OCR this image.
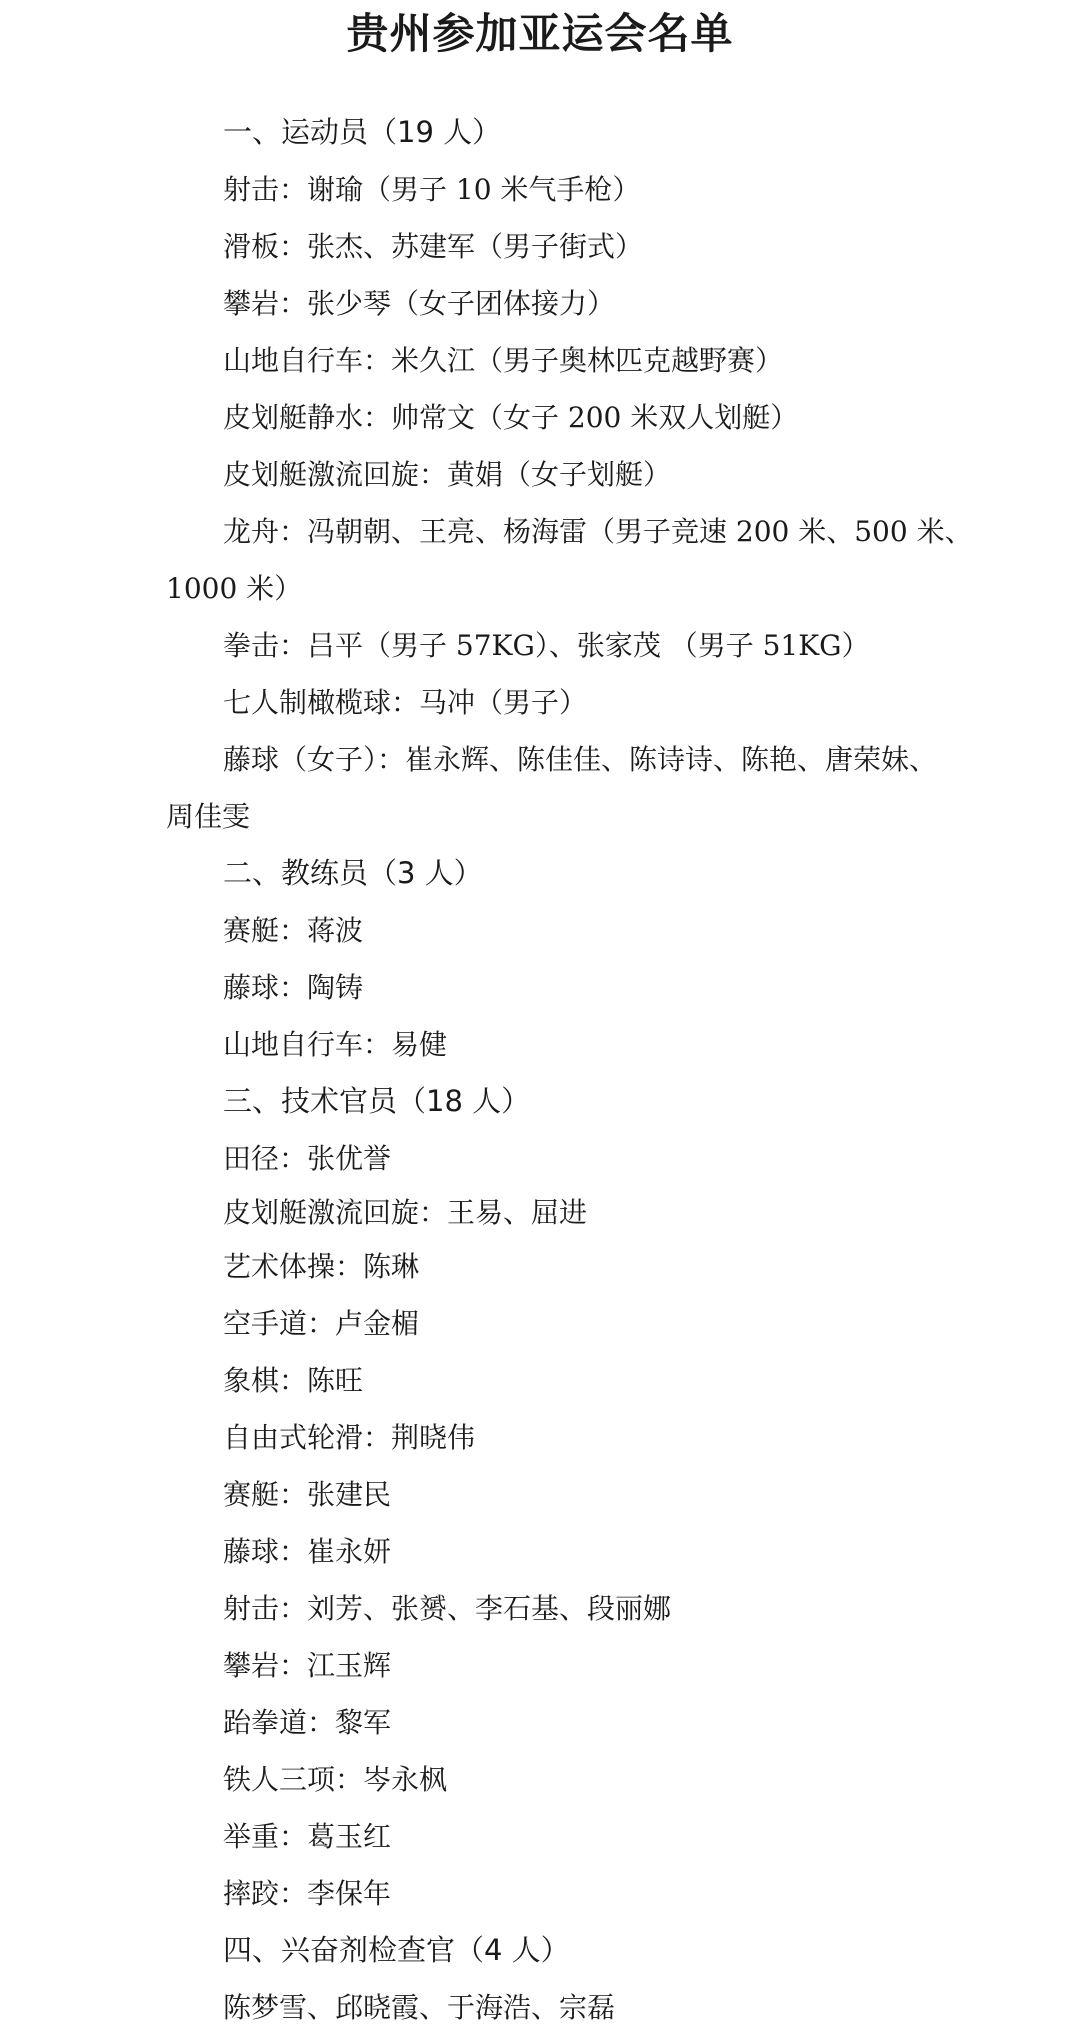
贵州参加亚运会名单
一、运动员（19 人）
射击：谢瑜（男子 10 米气手枪）
滑板：张杰、苏建军（男子街式）
攀岩：张少琴（女子团体接力）
山地自行车：米久江（男子奥林匹克越野赛）
皮划艇静水：帅常文（女子 200 米双人划艇）
皮划艇激流回旋：黄娟（女子划艇）
龙舟：冯朝朝、王亮、杨海雷（男子竞速 200 米、500 米、
1000 米）
拳击：吕平（男子 57KG）、张家茂 （男子 51KG）
七人制橄榄球：马冲（男子）
藤球（女子）：崔永辉、陈佳佳、陈诗诗、陈艳、唐荣妹、
周佳雯
二、教练员（3 人）
赛艇：蒋波
藤球：陶铸
山地自行车：易健
三、技术官员（18 人）
田径：张优誉
皮划艇激流回旋：王易、屈进
艺术体操：陈琳
空手道：卢金楣
象棋：陈旺
自由式轮滑：荆晓伟
赛艇：张建民
藤球：崔永妍
射击：刘芳、张赟、李石基、段丽娜
攀岩：江玉辉
跆拳道：黎军
铁人三项：岑永枫
举重：葛玉红
摔跤：李保年
四、兴奋剂检查官（4 人）
陈梦雪、邱晓霞、于海浩、宗磊
